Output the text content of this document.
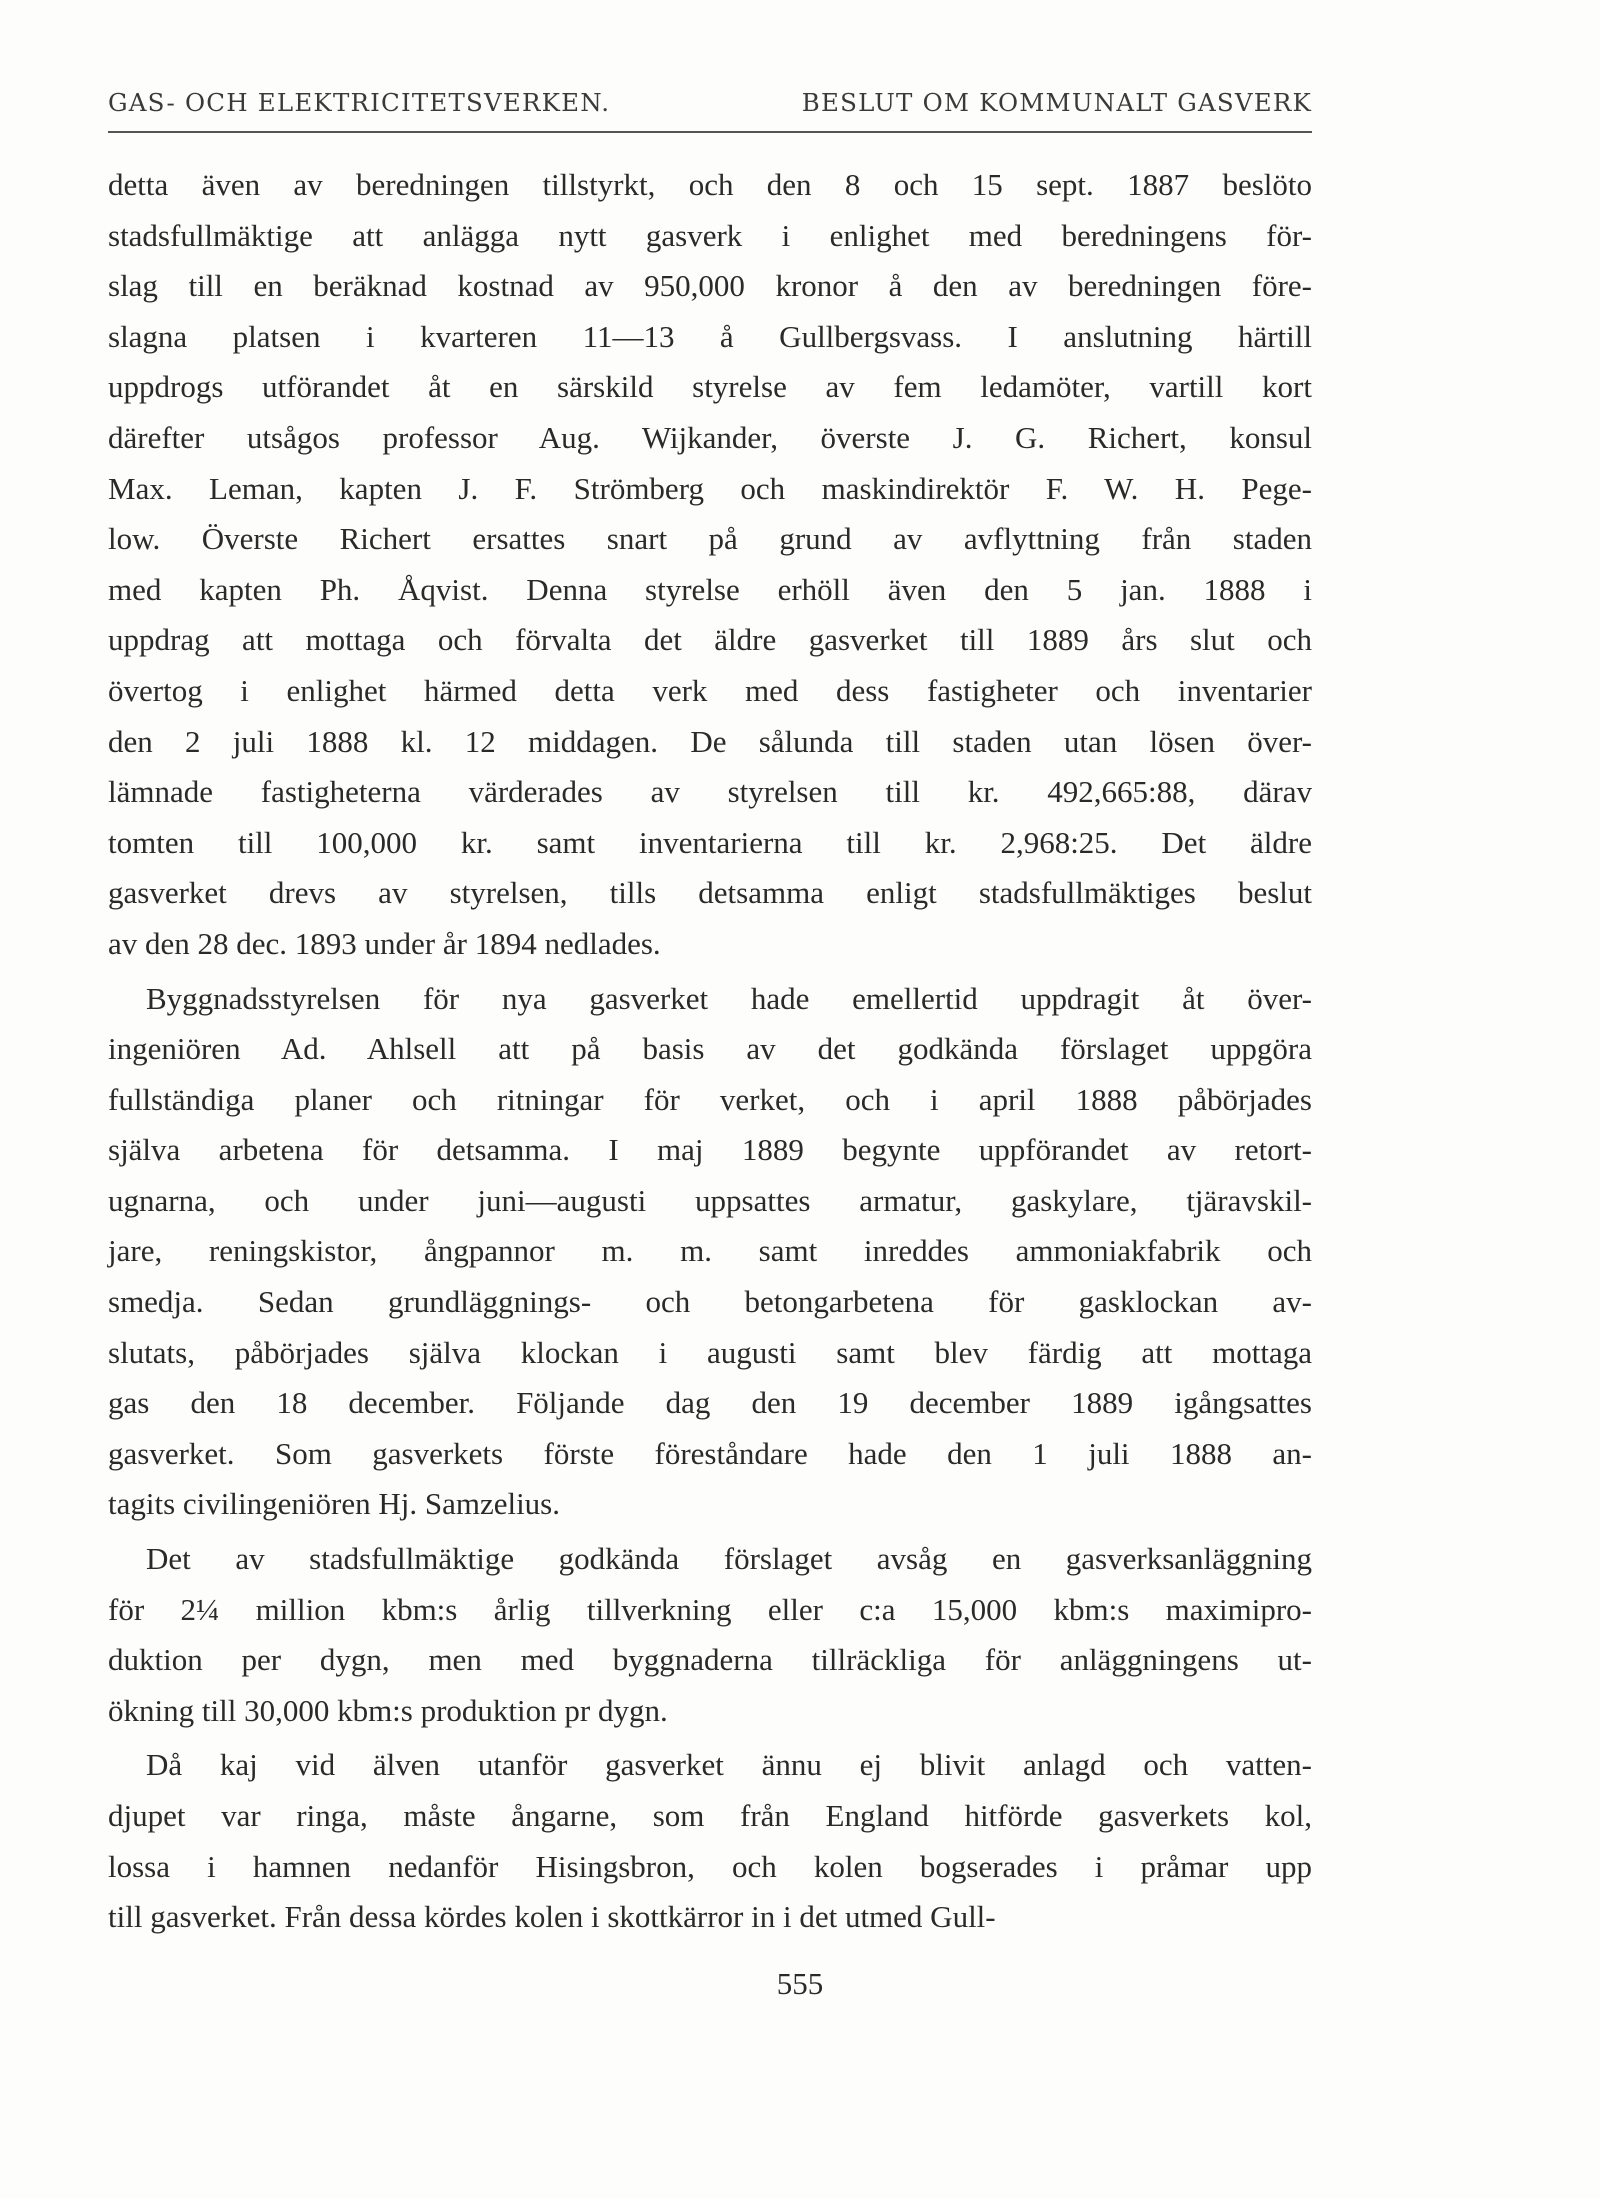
GAS- OCH ELEKTRICITETSVERKEN.	BESLUT OM KOMMUNALT GASVERK
detta även av beredningen tillstyrkt, och den 8 och 15 sept. 1887 beslöto
stadsfullmäktige att anlägga nytt gasverk i enlighet med beredningens för-
slag till en beräknad kostnad av 950,000 kronor å den av beredningen före-
slagna platsen i kvarteren 11—13 å Gullbergsvass. I anslutning härtill
uppdrogs utförandet åt en särskild styrelse av fem ledamöter, vartill kort
därefter utsågos professor Aug. Wijkander, överste J. G. Richert, konsul
Max. Leman, kapten J. F. Strömberg och maskindirektör F. W. H. Pege-
low. Överste Richert ersattes snart på grund av avflyttning från staden
med kapten Ph. Åqvist. Denna styrelse erhöll även den 5 jan. 1888 i
uppdrag att mottaga och förvalta det äldre gasverket till 1889 års slut och
övertog i enlighet härmed detta verk med dess fastigheter och inventarier
den 2 juli 1888 kl. 12 middagen. De sålunda till staden utan lösen över-
lämnade fastigheterna värderades av styrelsen till kr. 492,665:88, därav
tomten till 100,000 kr. samt inventarierna till kr. 2,968:25. Det äldre
gasverket drevs av styrelsen, tills detsamma enligt stadsfullmäktiges beslut
av den 28 dec. 1893 under år 1894 nedlades.
Byggnadsstyrelsen för nya gasverket hade emellertid uppdragit åt över-
ingeniören Ad. Ahlsell att på basis av det godkända förslaget uppgöra
fullständiga planer och ritningar för verket, och i april 1888 påbörjades
själva arbetena för detsamma. I maj 1889 begynte uppförandet av retort-
ugnarna, och under juni—augusti uppsattes armatur, gaskylare, tjäravskil-
jare, reningskistor, ångpannor m. m. samt inreddes ammoniakfabrik och
smedja. Sedan grundläggnings- och betongarbetena för gasklockan av-
slutats, påbörjades själva klockan i augusti samt blev färdig att mottaga
gas den 18 december. Följande dag den 19 december 1889 igångsattes
gasverket. Som gasverkets förste föreståndare hade den 1 juli 1888 an-
tagits civilingeniören Hj. Samzelius.
Det av stadsfullmäktige godkända förslaget avsåg en gasverksanläggning
för 2¼ million kbm:s årlig tillverkning eller c:a 15,000 kbm:s maximipro-
duktion per dygn, men med byggnaderna tillräckliga för anläggningens ut-
ökning till 30,000 kbm:s produktion pr dygn.
Då kaj vid älven utanför gasverket ännu ej blivit anlagd och vatten-
djupet var ringa, måste ångarne, som från England hitförde gasverkets kol,
lossa i hamnen nedanför Hisingsbron, och kolen bogserades i pråmar upp
till gasverket. Från dessa kördes kolen i skottkärror in i det utmed Gull-
555
